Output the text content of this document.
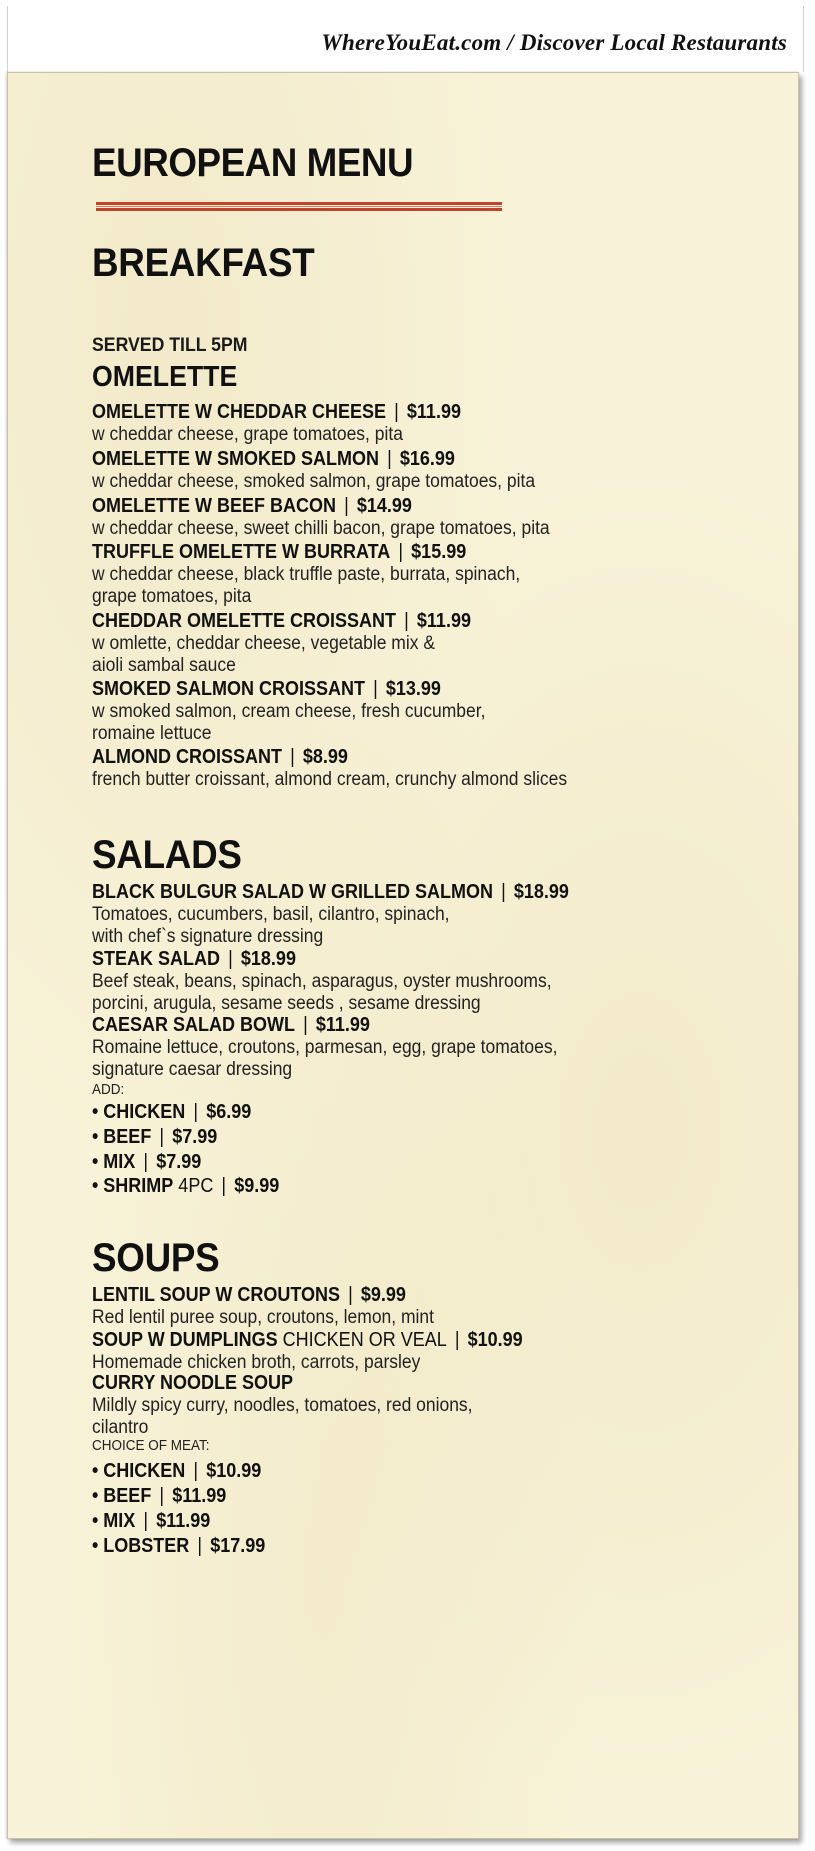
WhereYouEat.com / Discover Local Restaurants
EUROPEAN MENU
BREAKFAST
SERVED TILL 5PM
OMELETTE
OMELETTE W CHEDDAR CHEESE | $11.99
w cheddar cheese, grape tomatoes, pita
OMELETTE W SMOKED SALMON | $16.99
w cheddar cheese, smoked salmon, grape tomatoes, pita
OMELETTE W BEEF BACON | $14.99
w cheddar cheese, sweet chilli bacon, grape tomatoes, pita
TRUFFLE OMELETTE W BURRATA | $15.99
w cheddar cheese, black truffle paste, burrata, spinach,
grape tomatoes, pita
CHEDDAR OMELETTE CROISSANT | $11.99
w omlette, cheddar cheese, vegetable mix &
aioli sambal sauce
SMOKED SALMON CROISSANT | $13.99
w smoked salmon, cream cheese, fresh cucumber,
romaine lettuce
ALMOND CROISSANT | $8.99
french butter croissant, almond cream, crunchy almond slices
SALADS
BLACK BULGUR SALAD W GRILLED SALMON | $18.99
Tomatoes, cucumbers, basil, cilantro, spinach,
with chef`s signature dressing
STEAK SALAD | $18.99
Beef steak, beans, spinach, asparagus, oyster mushrooms,
porcini, arugula, sesame seeds , sesame dressing
CAESAR SALAD BOWL | $11.99
Romaine lettuce, croutons, parmesan, egg, grape tomatoes,
signature caesar dressing
ADD:
• CHICKEN | $6.99
• BEEF | $7.99
• MIX | $7.99
• SHRIMP 4PC | $9.99
SOUPS
LENTIL SOUP W CROUTONS | $9.99
Red lentil puree soup, croutons, lemon, mint
SOUP W DUMPLINGS CHICKEN OR VEAL | $10.99
Homemade chicken broth, carrots, parsley
CURRY NOODLE SOUP
Mildly spicy curry, noodles, tomatoes, red onions,
cilantro
CHOICE OF MEAT:
• CHICKEN | $10.99
• BEEF | $11.99
• MIX | $11.99
• LOBSTER | $17.99
